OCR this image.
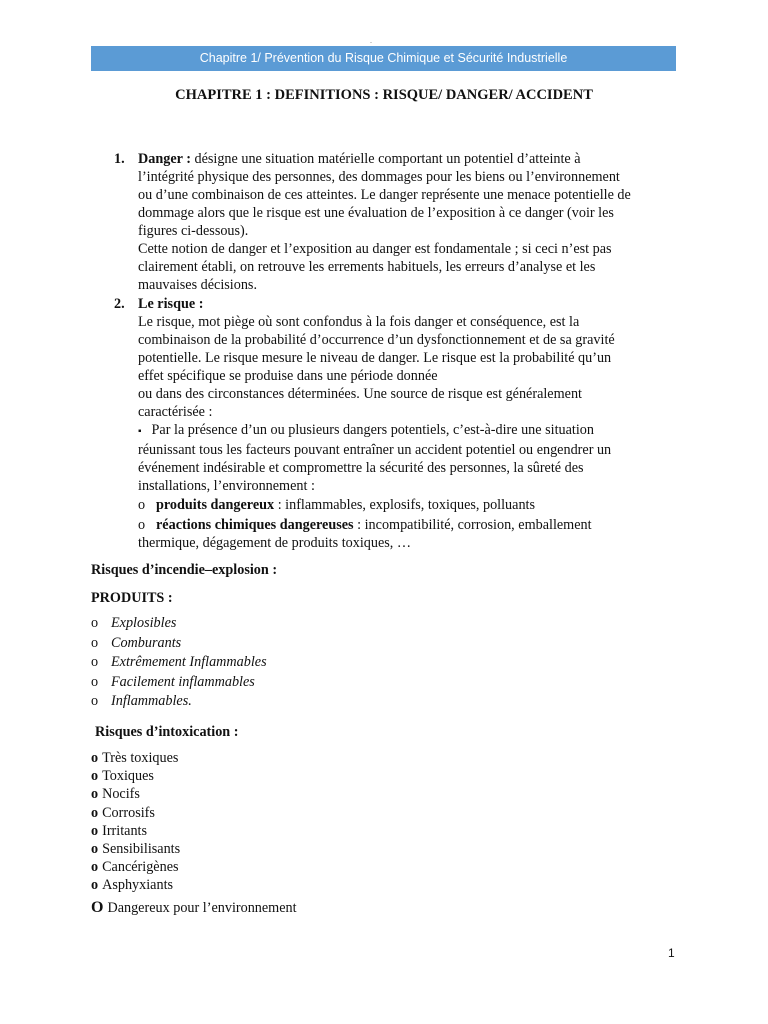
.
Chapitre 1/ Prévention du Risque Chimique et Sécurité Industrielle
CHAPITRE 1 : DEFINITIONS : RISQUE/ DANGER/ ACCIDENT
1. Danger : désigne une situation matérielle comportant un potentiel d’atteinte à

l’intégrité physique des personnes, des dommages pour les biens ou l’environnement

ou d’une combinaison de ces atteintes. Le danger représente une menace potentielle de

dommage alors que le risque est une évaluation de l’exposition à ce danger (voir les

figures ci-dessous).

Cette notion de danger et l’exposition au danger est fondamentale ; si ceci n’est pas

clairement établi, on retrouve les errements habituels, les erreurs d’analyse et les

mauvaises décisions.

2. Le risque :

Le risque, mot piège où sont confondus à la fois danger et conséquence, est la

combinaison de la probabilité d’occurrence d’un dysfonctionnement et de sa gravité

potentielle. Le risque mesure le niveau de danger. Le risque est la probabilité qu’un

effet spécifique se produise dans une période donnée

ou dans des circonstances déterminées. Une source de risque est généralement

caractérisée :

▪ Par la présence d’un ou plusieurs dangers potentiels, c’est-à-dire une situation

réunissant tous les facteurs pouvant entraîner un accident potentiel ou engendrer un

événement indésirable et compromettre la sécurité des personnes, la sûreté des

installations, l’environnement :

o produits dangereux : inflammables, explosifs, toxiques, polluants

o réactions chimiques dangereuses : incompatibilité, corrosion, emballement

thermique, dégagement de produits toxiques, …

Risques d’incendie–explosion :
PRODUITS :
o Explosibles
o Comburants
o Extrêmement Inflammables
o Facilement inflammables
o Inflammables.
Risques d’intoxication :
o Très toxiques
o Toxiques
o Nocifs
o Corrosifs
o Irritants
o Sensibilisants
o Cancérigènes
o Asphyxiants
O Dangereux pour l’environnement
1
